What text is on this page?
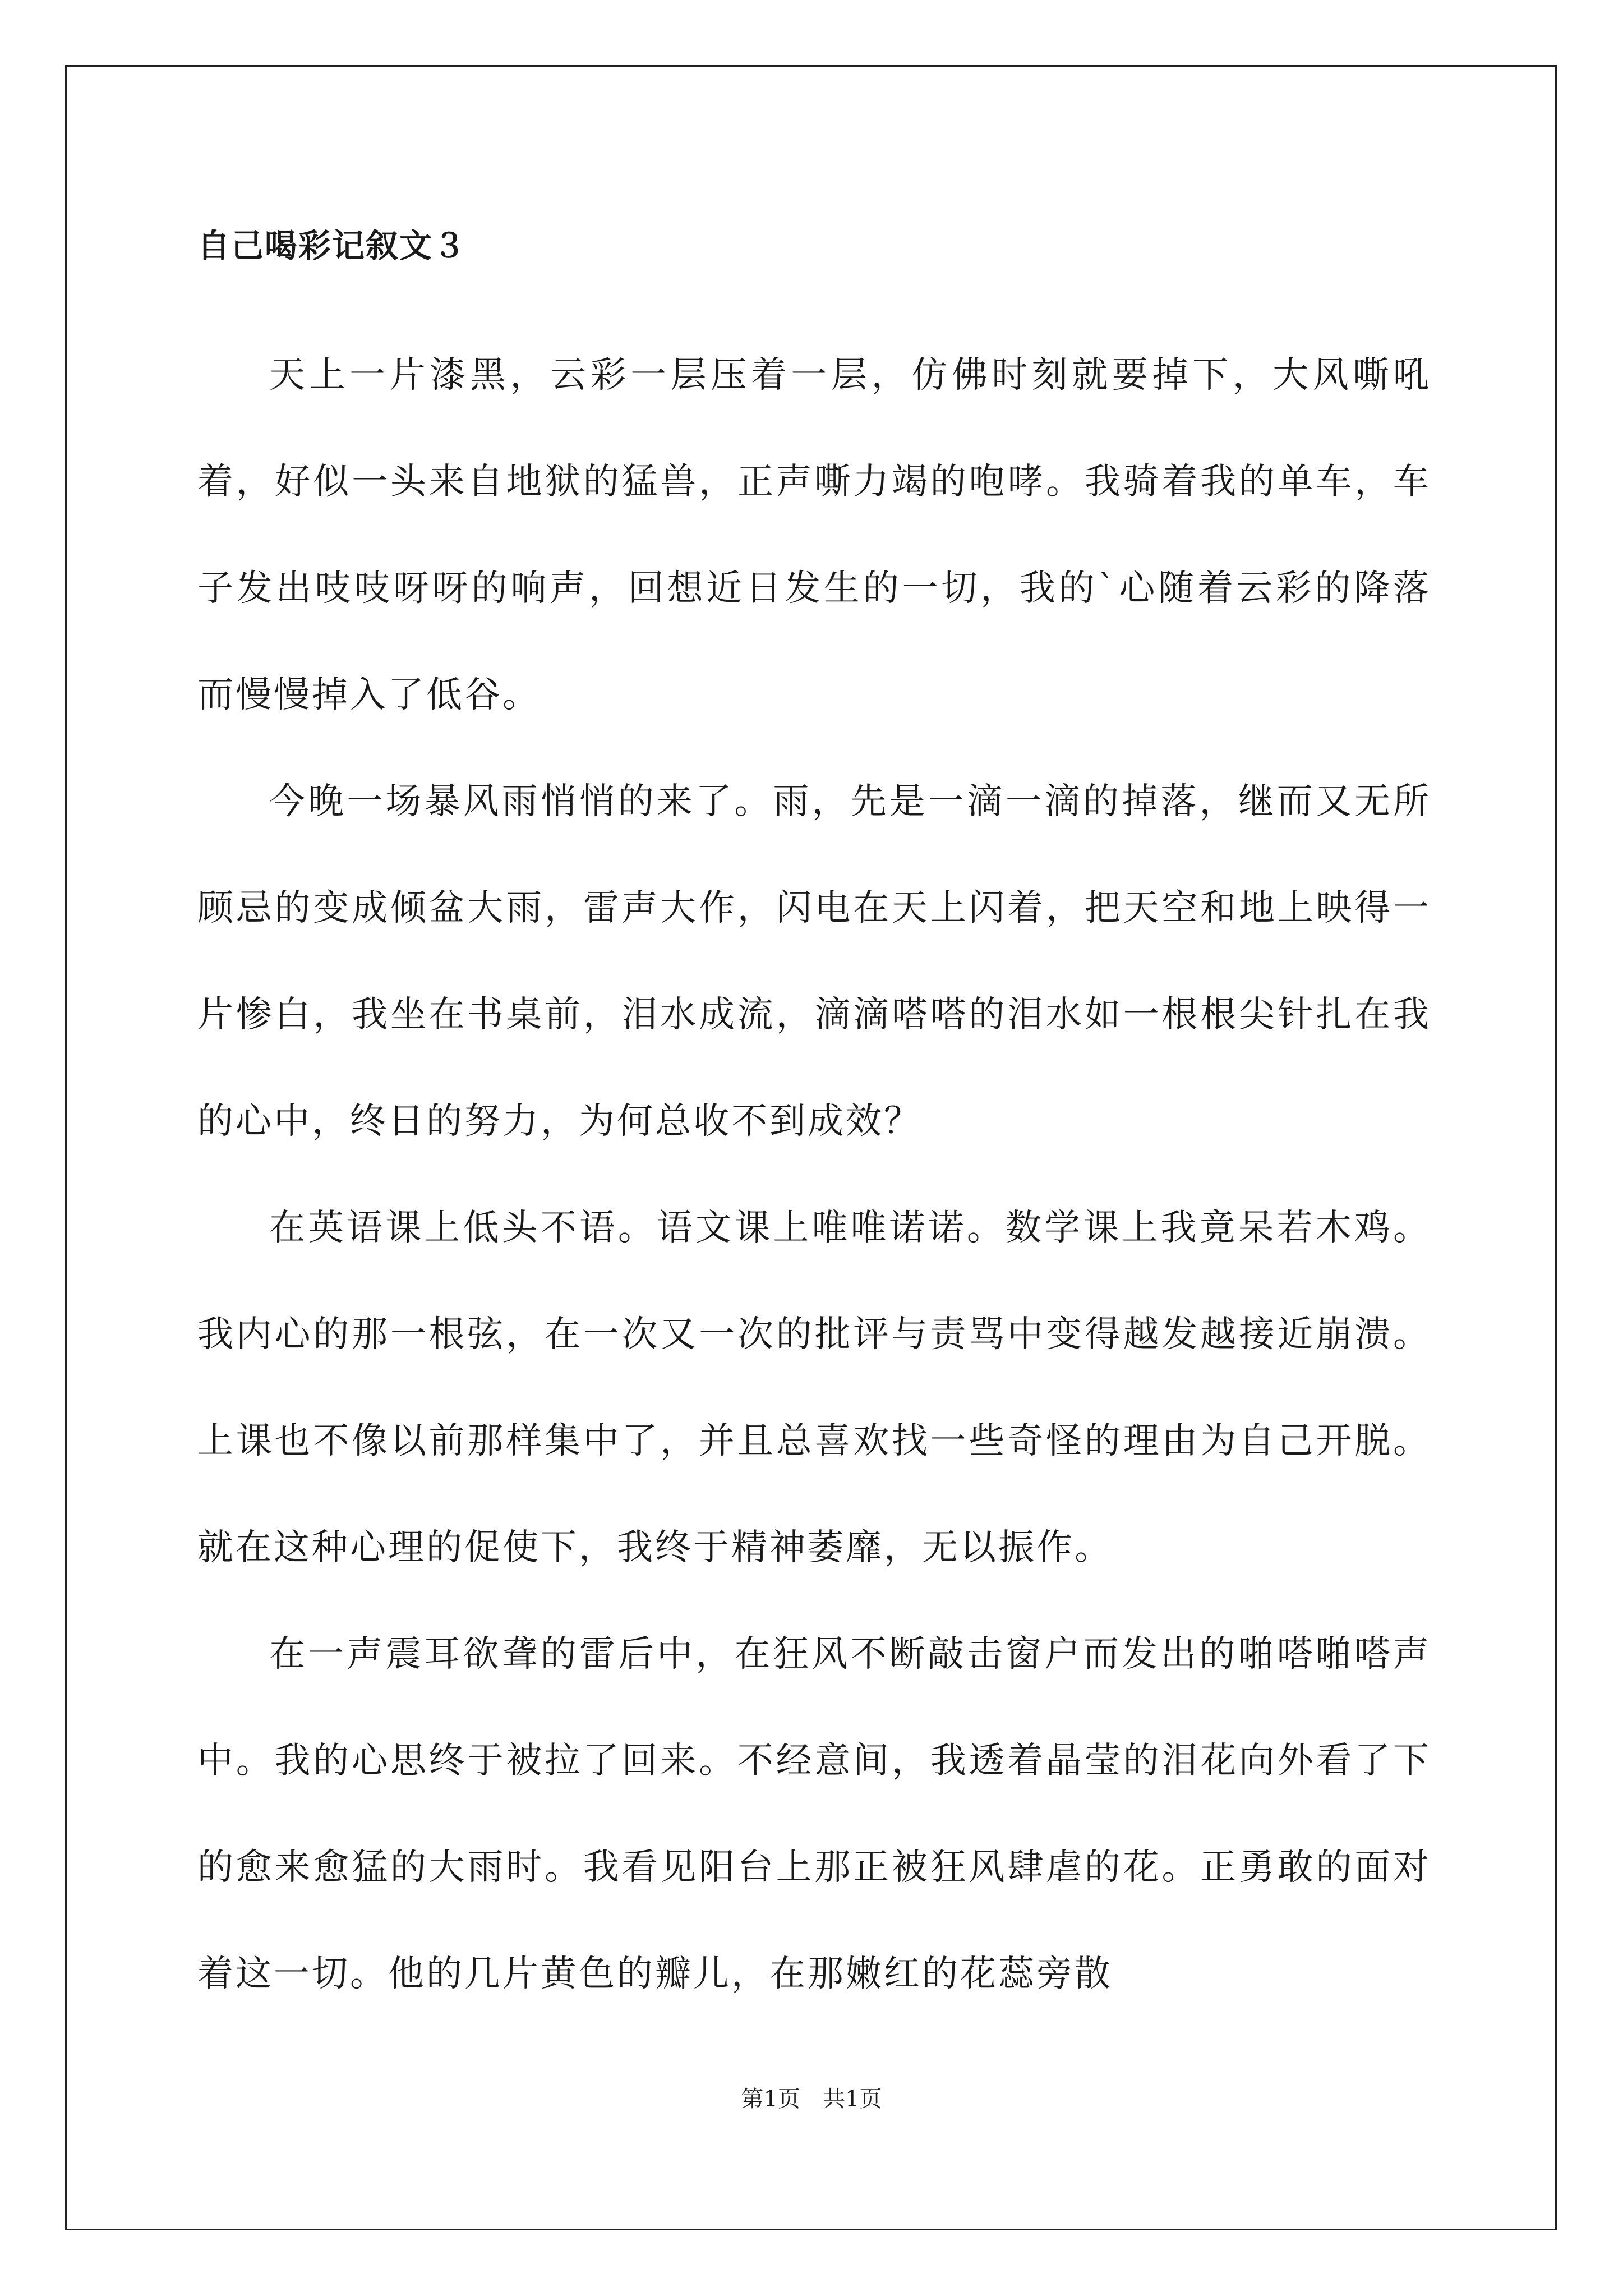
自己喝彩记叙文３

天上一片漆黑，云彩一层压着一层，仿佛时刻就要掉下，大风嘶吼着，好似一头来自地狱的猛兽，正声嘶力竭的咆哮。我骑着我的单车，车子发出吱吱呀呀的响声，回想近日发生的一切，我的`心随着云彩的降落而慢慢掉入了低谷。

今晚一场暴风雨悄悄的来了。雨，先是一滴一滴的掉落，继而又无所顾忌的变成倾盆大雨，雷声大作，闪电在天上闪着，把天空和地上映得一片惨白，我坐在书桌前，泪水成流，滴滴嗒嗒的泪水如一根根尖针扎在我的心中，终日的努力，为何总收不到成效？

在英语课上低头不语。语文课上唯唯诺诺。数学课上我竟呆若木鸡。我内心的那一根弦，在一次又一次的批评与责骂中变得越发越接近崩溃。上课也不像以前那样集中了，并且总喜欢找一些奇怪的理由为自己开脱。就在这种心理的促使下，我终于精神萎靡，无以振作。

在一声震耳欲聋的雷后中，在狂风不断敲击窗户而发出的啪嗒啪嗒声中。我的心思终于被拉了回来。不经意间，我透着晶莹的泪花向外看了下的愈来愈猛的大雨时。我看见阳台上那正被狂风肆虐的花。正勇敢的面对着这一切。他的几片黄色的瓣儿，在那嫩红的花蕊旁散

第1页 共1页
